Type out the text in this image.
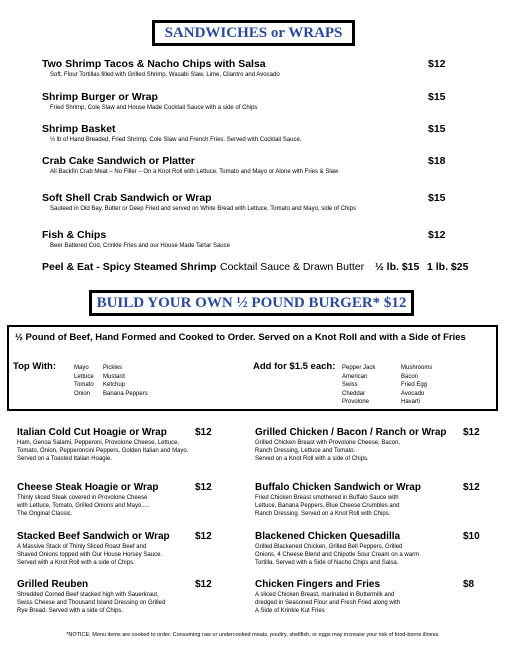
SANDWICHES or WRAPS
Two Shrimp Tacos & Nacho Chips with Salsa
Soft, Flour Tortillas filled with Grilled Shrimp, Wasabi Slaw, Lime, Cilantro and Avocado
$12
Shrimp Burger or Wrap
Fried Shrimp, Cole Slaw and House Made Cocktail Sauce with a side of Chips
$15
Shrimp Basket
½ lb of Hand Breaded, Fried Shrimp, Cole Slaw and French Fries. Served with Cocktail Sauce.
$15
Crab Cake Sandwich or Platter
All Backfin Crab Meat – No Filler – On a Knot Roll with Lettuce, Tomato and Mayo or Alone with Fries & Slaw
$18
Soft Shell Crab Sandwich or Wrap
Sauteed in Old Bay, Butter or Deep Fried and served on White Bread with Lettuce, Tomato and Mayo, side of Chips
$15
Fish & Chips
Beer Battered Cod, Crinkle Fries and our House Made Tartar Sauce
$12
Peel & Eat - Spicy Steamed Shrimp Cocktail Sauce & Drawn Butter ½ lb. $15 1 lb. $25
BUILD YOUR OWN ½ POUND BURGER* $12
½ Pound of Beef, Hand Formed and Cooked to Order. Served on a Knot Roll and with a Side of Fries
Top With:	Mayo
Lettuce
Tomato
Onion
Pickles
Mustard
Ketchup
Banana Peppers
Add for $1.5 each: Pepper Jack
American
Swiss
Cheddar
Provolone
Mushrooms
Bacon
Fried Egg
Avocado
Havarti
Italian Cold Cut Hoagie or Wrap
Ham, Genoa Salami, Pepperoni, Provolone Cheese, Lettuce,
Tomato, Onion, Pepperoncini Peppers, Golden Italian and Mayo.
Served on a Toasted Italian Hoagie.
$12
Cheese Steak Hoagie or Wrap
Thinly sliced Steak covered in Provolone Cheese
with Lettuce, Tomato, Grilled Onions and Mayo.....
The Original Classic.
$12
Stacked Beef Sandwich or Wrap
A Massive Stack of Thinly Sliced Roast Beef and
Shaved Onions topped with Our House Horsey Sauce.
Served with a Knot Roll with a side of Chips.
$12
Grilled Reuben
Shredded Corned Beef stacked high with Sauerkraut,
Swiss Cheese and Thousand Island Dressing on Grilled
Rye Bread. Served with a side of Chips.
$12
Grilled Chicken / Bacon / Ranch or Wrap
Grilled Chicken Breast with Provolone Cheese, Bacon,
Ranch Dressing, Lettuce and Tomato.
Served on a Knot Roll with a side of Chips.
$12
Buffalo Chicken Sandwich or Wrap
Fried Chicken Breast smothered in Buffalo Sauce with
Lettuce, Banana Peppers, Blue Cheese Crumbles and
Ranch Dressing. Served on a Knot Roll with Chips.
$12
Blackened Chicken Quesadilla
Grilled Blackened Chicken, Grilled Bell Peppers, Grilled
Onions, 4 Cheese Blend and Chipotle Sour Cream on a warm
Tortilla. Served with a Side of Nacho Chips and Salsa.
$10
Chicken Fingers and Fries
A sliced Chicken Breast, marinated in Buttermilk and
dredged in Seasoned Flour and Fresh Fried along with
A Side of Krinkle Kut Fries
$8
*NOTICE: Menu items are cooked to order. Consuming raw or undercooked meats, poultry, shellfish, or eggs may increase your risk of food-borne illness.
